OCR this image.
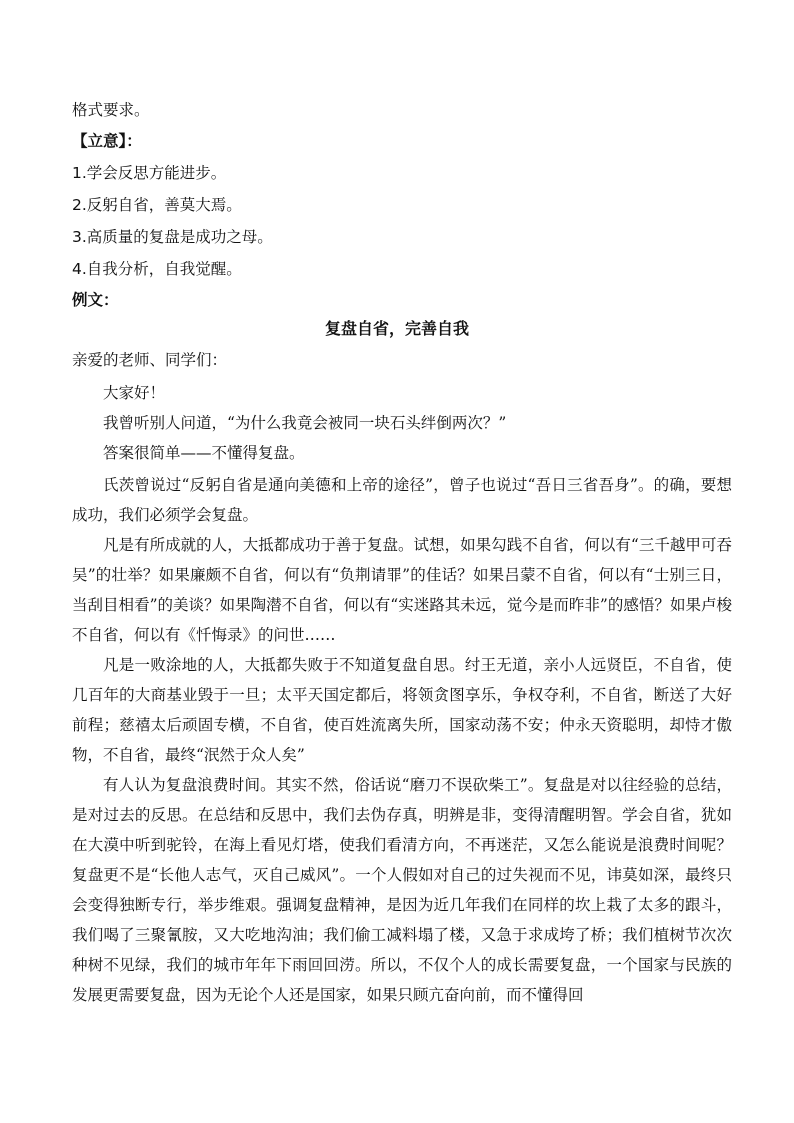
格式要求。
【立意】：
1.学会反思方能进步。
2.反躬自省，善莫大焉。
3.高质量的复盘是成功之母。
4.自我分析，自我觉醒。
例文：
复盘自省，完善自我
亲爱的老师、同学们：
大家好！
我曾听别人问道，“为什么我竟会被同一块石头绊倒两次？”
答案很简单——不懂得复盘。
氏茨曾说过“反躬自省是通向美德和上帝的途径”，曾子也说过“吾日三省吾身”。的确，要想成功，我们必须学会复盘。
凡是有所成就的人，大抵都成功于善于复盘。试想，如果勾践不自省，何以有“三千越甲可吞吴”的壮举？如果廉颇不自省，何以有“负荆请罪”的佳话？如果吕蒙不自省，何以有“士别三日，当刮目相看”的美谈？如果陶潜不自省，何以有“实迷路其未远，觉今是而昨非”的感悟？如果卢梭不自省，何以有《忏悔录》的问世……
凡是一败涂地的人，大抵都失败于不知道复盘自思。纣王无道，亲小人远贤臣，不自省，使几百年的大商基业毁于一旦；太平天国定都后，将领贪图享乐，争权夺利，不自省，断送了大好前程；慈禧太后顽固专横，不自省，使百姓流离失所，国家动荡不安；仲永天资聪明，却恃才傲物，不自省，最终“泯然于众人矣”
有人认为复盘浪费时间。其实不然，俗话说“磨刀不误砍柴工”。复盘是对以往经验的总结，是对过去的反思。在总结和反思中，我们去伪存真，明辨是非，变得清醒明智。学会自省，犹如在大漠中听到驼铃，在海上看见灯塔，使我们看清方向，不再迷茫，又怎么能说是浪费时间呢？复盘更不是“长他人志气，灭自己威风”。一个人假如对自己的过失视而不见，讳莫如深，最终只会变得独断专行，举步维艰。强调复盘精神，是因为近几年我们在同样的坎上栽了太多的跟斗，我们喝了三聚氰胺，又大吃地沟油；我们偷工减料塌了楼，又急于求成垮了桥；我们植树节次次种树不见绿，我们的城市年年下雨回回涝。所以，不仅个人的成长需要复盘，一个国家与民族的发展更需要复盘，因为无论个人还是国家，如果只顾亢奋向前，而不懂得回
